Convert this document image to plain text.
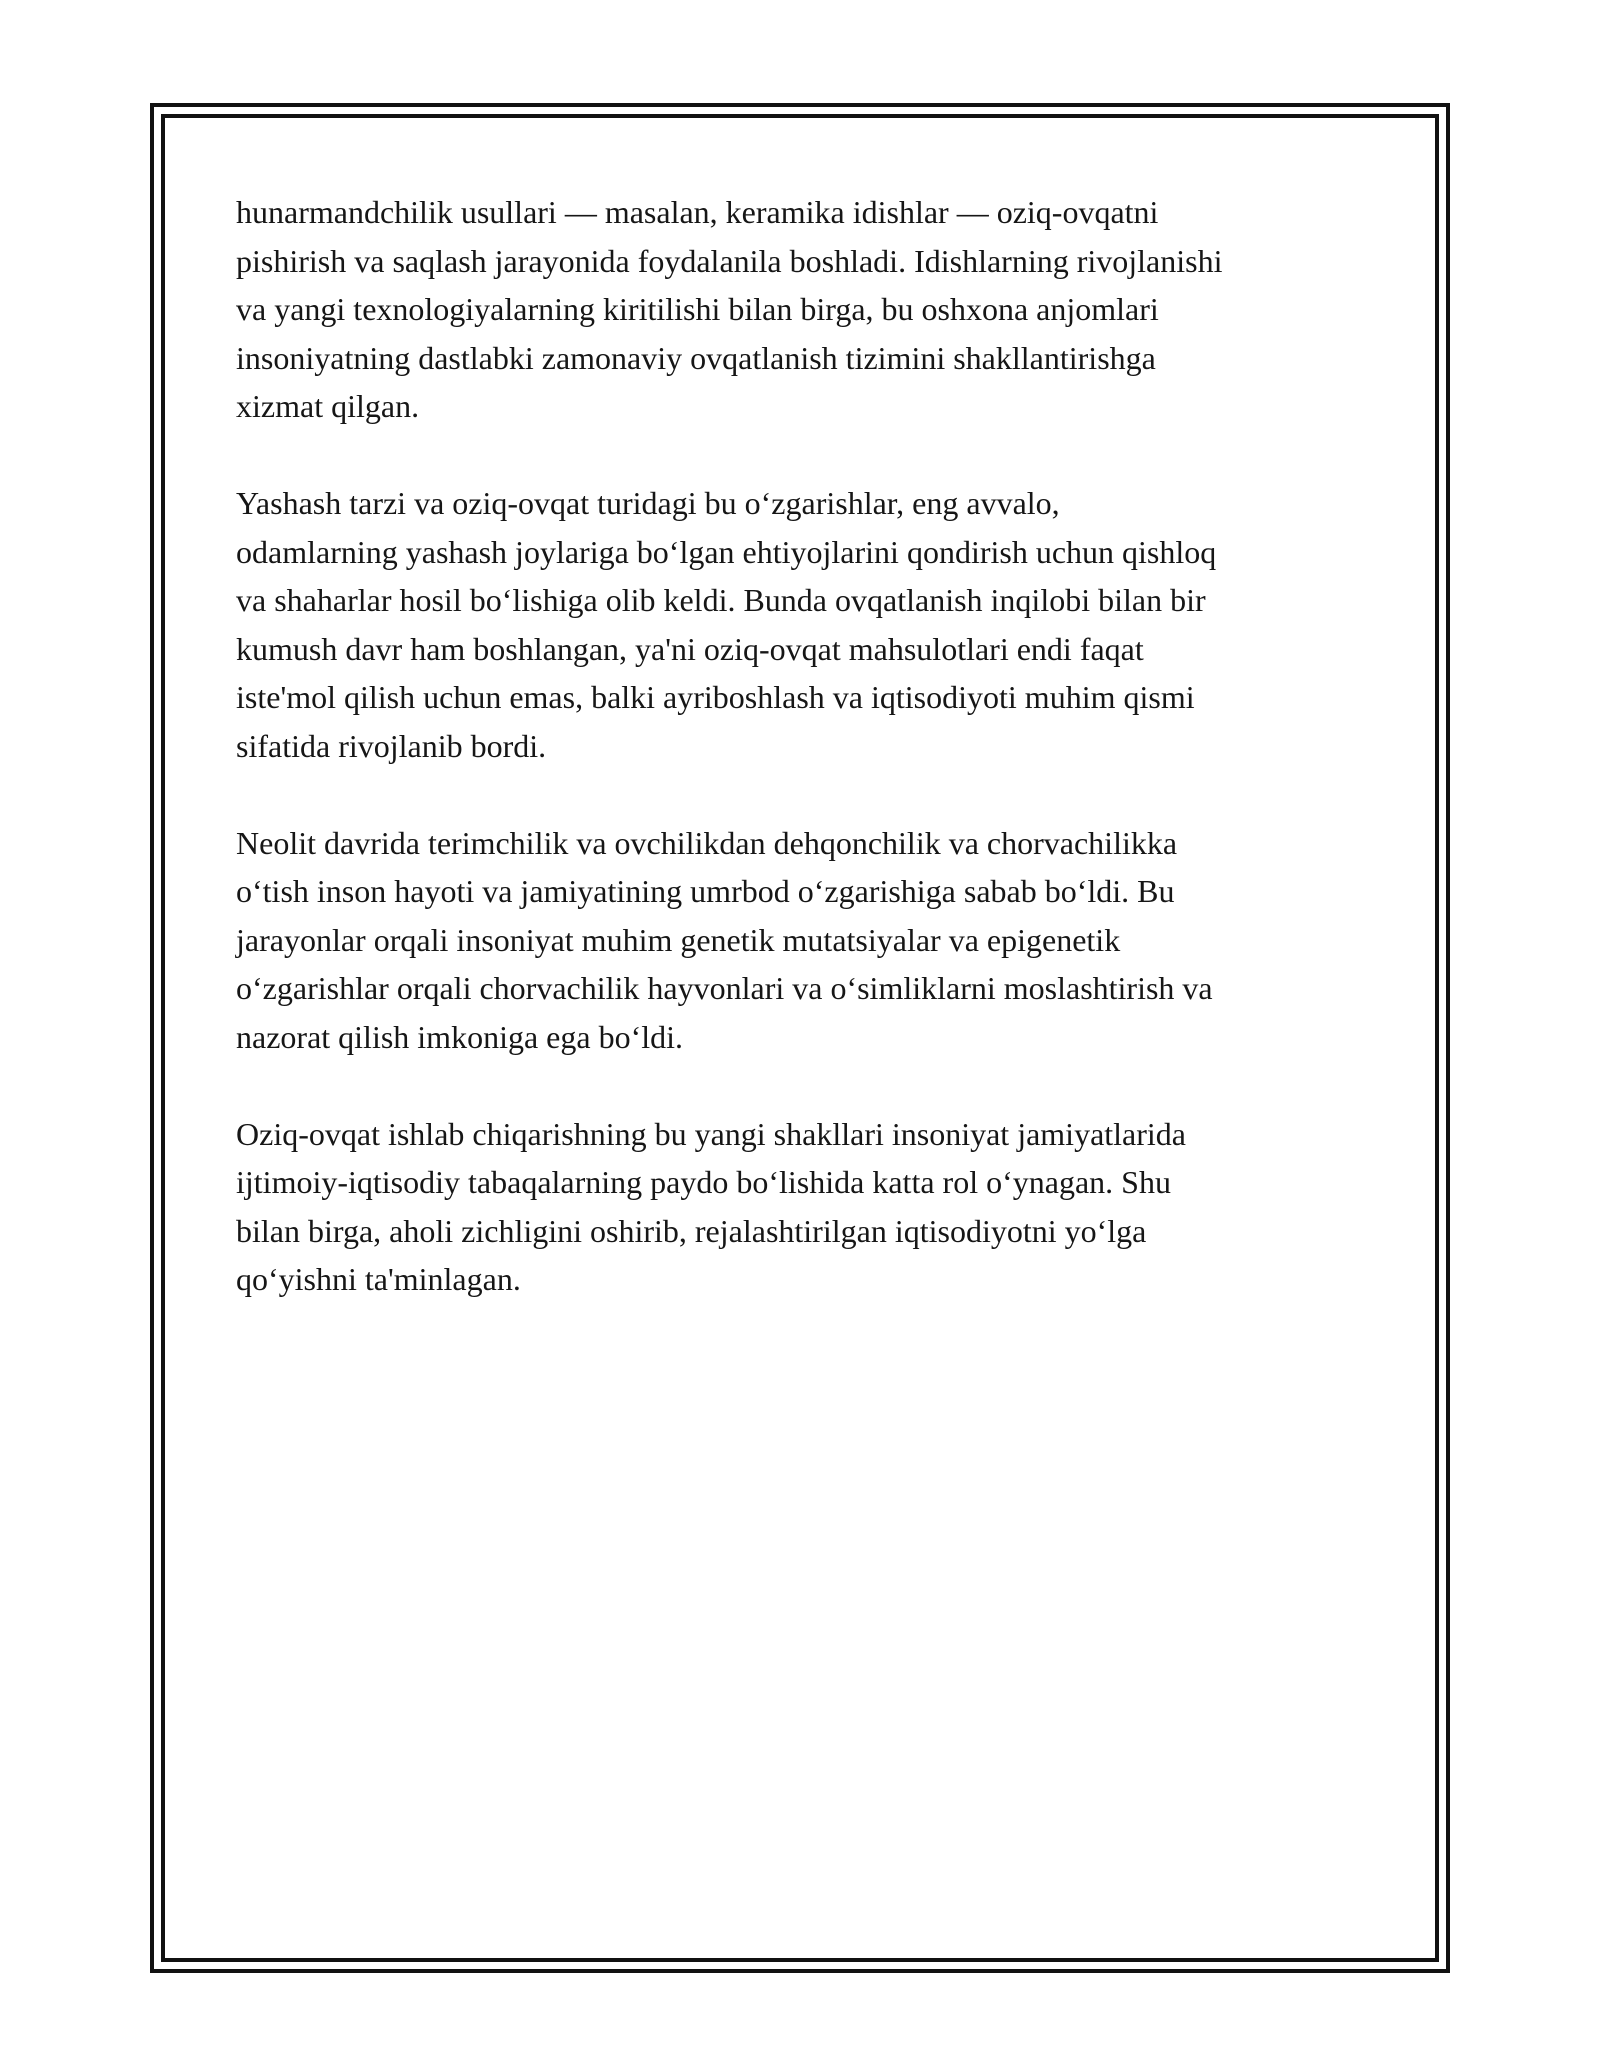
hunarmandchilik usullari — masalan, keramika idishlar — oziq-ovqatni
pishirish va saqlash jarayonida foydalanila boshladi. Idishlarning rivojlanishi
va yangi texnologiyalarning kiritilishi bilan birga, bu oshxona anjomlari
insoniyatning dastlabki zamonaviy ovqatlanish tizimini shakllantirishga
xizmat qilgan.

Yashash tarzi va oziq-ovqat turidagi bu o‘zgarishlar, eng avvalo,
odamlarning yashash joylariga bo‘lgan ehtiyojlarini qondirish uchun qishloq
va shaharlar hosil bo‘lishiga olib keldi. Bunda ovqatlanish inqilobi bilan bir
kumush davr ham boshlangan, ya'ni oziq-ovqat mahsulotlari endi faqat
iste'mol qilish uchun emas, balki ayriboshlash va iqtisodiyoti muhim qismi
sifatida rivojlanib bordi.

Neolit davrida terimchilik va ovchilikdan dehqonchilik va chorvachilikka
o‘tish inson hayoti va jamiyatining umrbod o‘zgarishiga sabab bo‘ldi. Bu
jarayonlar orqali insoniyat muhim genetik mutatsiyalar va epigenetik
o‘zgarishlar orqali chorvachilik hayvonlari va o‘simliklarni moslashtirish va
nazorat qilish imkoniga ega bo‘ldi.

Oziq-ovqat ishlab chiqarishning bu yangi shakllari insoniyat jamiyatlarida
ijtimoiy-iqtisodiy tabaqalarning paydo bo‘lishida katta rol o‘ynagan. Shu
bilan birga, aholi zichligini oshirib, rejalashtirilgan iqtisodiyotni yo‘lga
qo‘yishni ta'minlagan.
